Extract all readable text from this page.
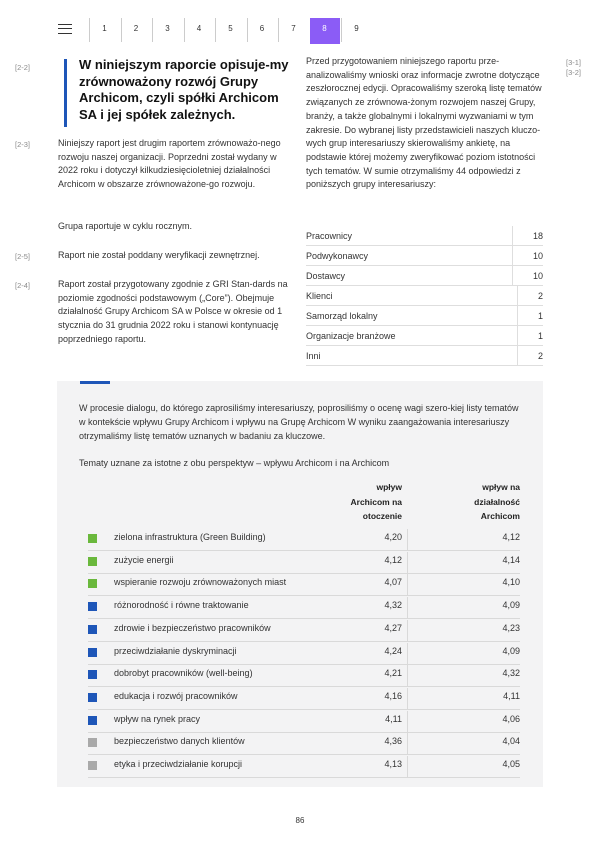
1	2	3	4	5	6	7	8	9
[2-2]	W niniejszym raporcie opisuje-my zrównoważony rozwój Grupy Archicom, czyli spółki Archicom SA i jej spółek zależnych.
[2-3]	Niniejszy raport jest drugim raportem zrównoważo-nego rozwoju naszej organizacji. Poprzedni został wydany w 2022 roku i dotyczył kilkudziesięcioletniej działalności Archicom w obszarze zrównoważone-go rozwoju.
Grupa raportuje w cyklu rocznym.
[2-5]	Raport nie został poddany weryfikacji zewnętrznej.
[2-4]	Raport został przygotowany zgodnie z GRI Stan-dards na poziomie zgodności podstawowym („Core”). Obejmuje działalność Grupy Archicom SA w Polsce w okresie od 1 stycznia do 31 grudnia 2022 roku i stanowi kontynuację poprzedniego raportu.
[3-1]
[3-2]
Przed przygotowaniem niniejszego raportu prze-analizowaliśmy wnioski oraz informacje zwrotne dotyczące zeszłorocznej edycji. Opracowaliśmy szeroką listę tematów związanych ze zrównowa-żonym rozwojem naszej Grupy, branży, a także globalnymi i lokalnymi wyzwaniami w tym zakresie. Do wybranej listy przedstawicieli naszych kluczo-wych grup interesariuszy skierowaliśmy ankietę, na podstawie której możemy zweryfikować poziom istotności tych tematów. W sumie otrzymaliśmy 44 odpowiedzi z poniższych grupy interesariuszy:
Pracownicy	18
Podwykonawcy	10
Dostawcy	10
Klienci	2
Samorząd lokalny	1
Organizacje branżowe	1
Inni	2
W procesie dialogu, do którego zaprosiliśmy interesariuszy, poprosiliśmy o ocenę wagi szero-kiej listy tematów w kontekście wpływu Grupy Archicom i wpływu na Grupę Archicom W wyniku zaangażowania interesariuszy otrzymaliśmy listę tematów uznanych w badaniu za kluczowe.
Tematy uznane za istotne z obu perspektyw – wpływu Archicom i na Archicom
wpływ
Archicom na
otoczenie
wpływ na
działalność
Archicom
zielona infrastruktura (Green Building)	4,20	4,12
zużycie energii	4,12	4,14
wspieranie rozwoju zrównoważonych miast	4,07	4,10
różnorodność i równe traktowanie	4,32	4,09
zdrowie i bezpieczeństwo pracowników	4,27	4,23
przeciwdziałanie dyskryminacji	4,24	4,09
dobrobyt pracowników (well-being)	4,21	4,32
edukacja i rozwój pracowników	4,16	4,11
wpływ na rynek pracy	4,11	4,06
bezpieczeństwo danych klientów	4,36	4,04
etyka i przeciwdziałanie korupcji	4,13	4,05
86
